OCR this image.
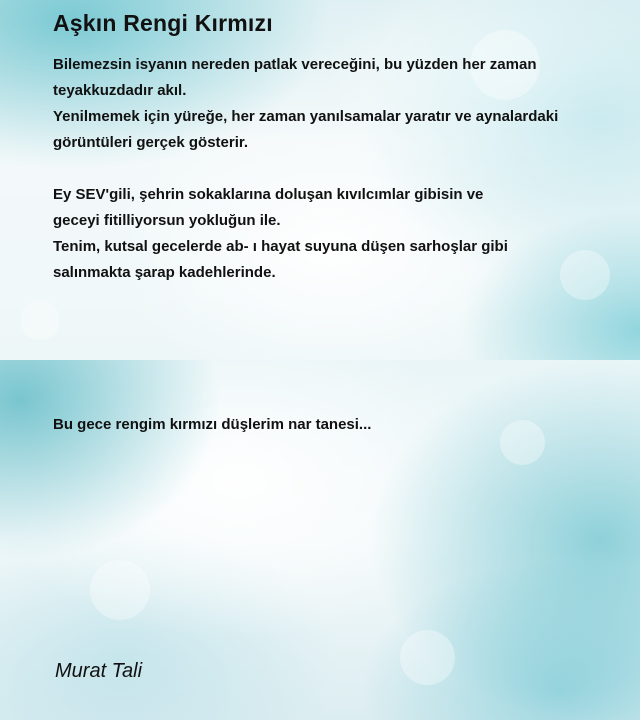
Aşkın Rengi Kırmızı

Bilemezsin isyanın nereden patlak vereceğini, bu yüzden her zaman
teyakkuzdadır akıl.
Yenilmemek için yüreğe, her zaman yanılsamalar yaratır ve aynalardaki
görüntüleri gerçek gösterir.

Ey SEV'gili, şehrin sokaklarına doluşan kıvılcımlar gibisin ve
geceyi fitilliyorsun yokluğun ile.
Tenim, kutsal gecelerde ab- ı hayat suyuna düşen sarhoşlar gibi
salınmakta şarap kadehlerinde.

Bu gece rengim kırmızı düşlerim nar tanesi...

Murat Tali
